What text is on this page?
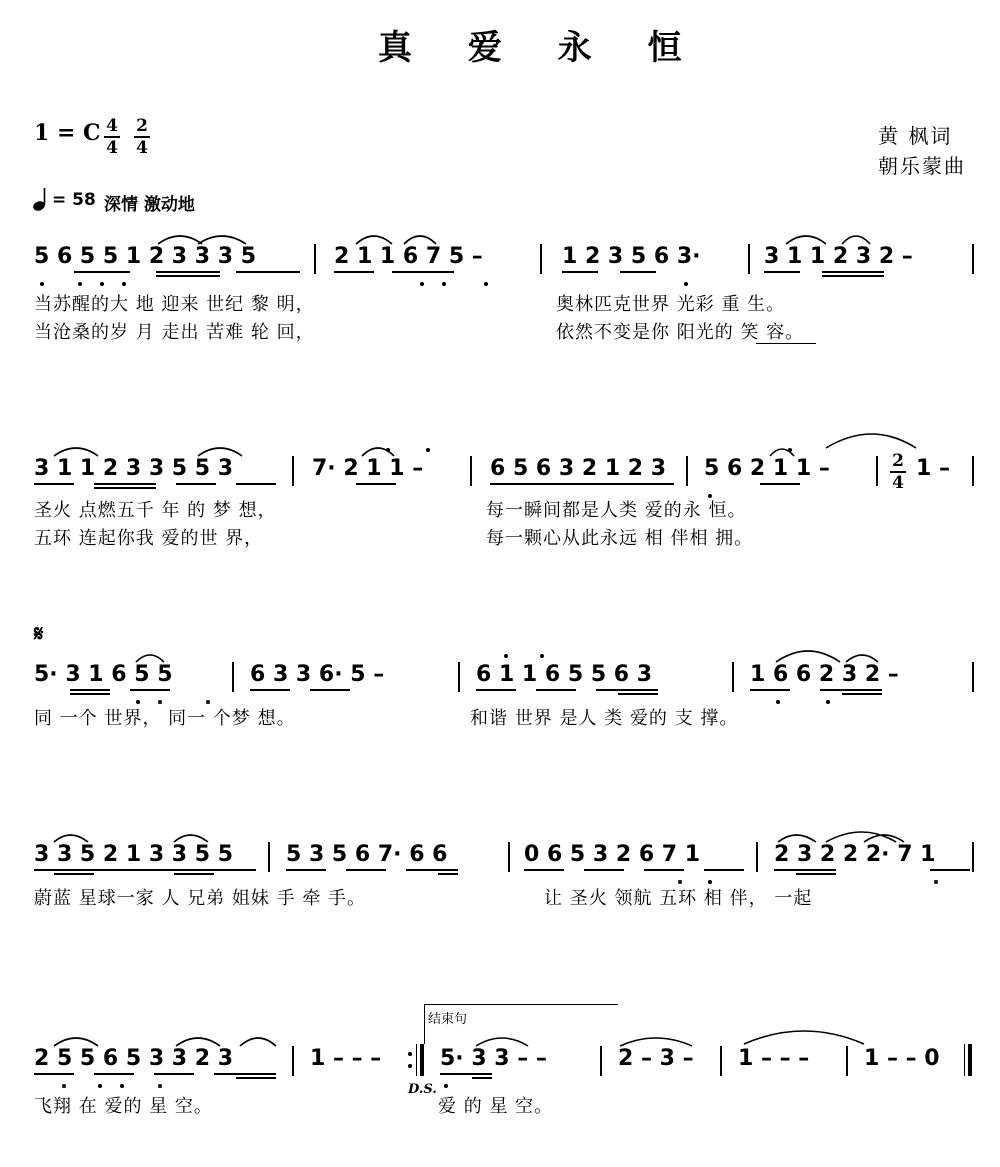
真 爱 永 恒
1 = C 4
4
2
4	黄 枫词
朝乐蒙曲
= 58 深情 激动地
5 6 5 5 1 2 3 3 3 5	2 1 1 6 7 5 –	1 2 3 5 6 3·	3 1 1 2 3 2 –
当苏醒的大 地 迎来 世纪 黎 明，
当沧桑的岁 月 走出 苦难 轮 回，
奥林匹克世界 光彩 重 生。
依然不变是你 阳光的 笑 容。
3 1 1 2 3 3 5 5 3	7· 2 1 1 –	6 5 6 3 2 1 2 3 5 6 2 1 1 –	2
4
1 –
圣火 点燃五千 年 的 梦 想，
五环 连起你我 爱的世 界，
每一瞬间都是人类 爱的永 恒。
每一颗心从此永远 相 伴相 拥。
𝄋
5· 3 1 6 5 5	6 3 3 6· 5 –	6 1 1 6 5 5 6 3	1 6 6 2 3 2 –
同 一个 世界， 同一 个梦 想。	和谐 世界 是人 类 爱的 支 撑。
3 3 5 2 1 3 3 5 5 5 3 5 6 7· 6 6	0 6 5 3 2 6 7 1	2 3 2 2 2· 7 1
蔚蓝 星球一家 人 兄弟 姐妹 手 牵 手。	让 圣火 领航 五环 相 伴， 一起
结束句
2 5 5 6 5 3 3 2 3	1 – – –	5· 3 3 – –	2 – 3 – 1 – – – 1 – – 0
D.S.
飞翔 在 爱的 星 空。	爱 的 星 空。
